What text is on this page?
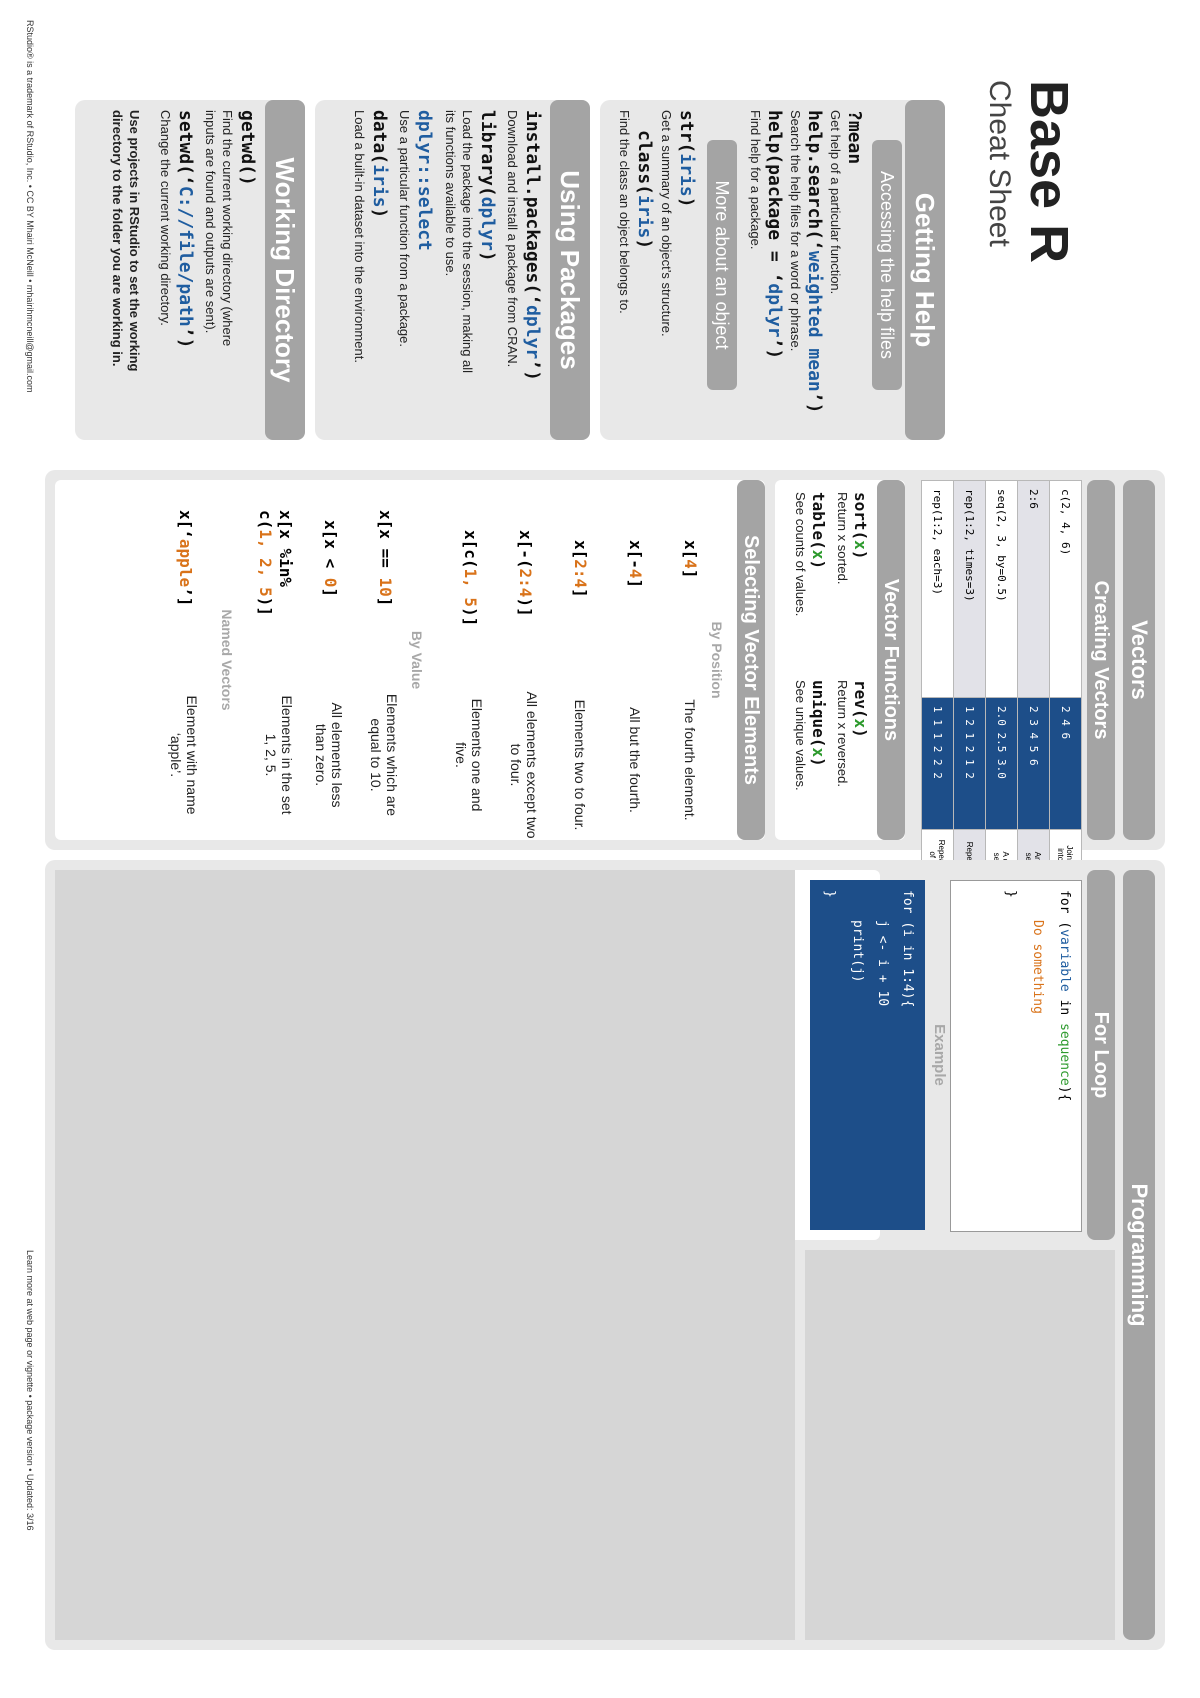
Base R
Cheat Sheet
Getting Help
Accessing the help files
?mean
Get help of a particular function.
help.search(‘weighted mean’)
Search the help files for a word or phrase.
help(package = ‘dplyr’)
Find help for a package.
More about an object
str(iris)
Get a summary of an object’s structure.
class(iris)
Find the class an object belongs to.
Using Packages
install.packages(‘dplyr’)
Download and install a package from CRAN.
library(dplyr)
Load the package into the session, making all
its functions available to use.
dplyr::select
Use a particular function from a package.
data(iris)
Load a built-in dataset into the environment.
Working Directory
getwd()
Find the current working directory (where
inputs are found and outputs are sent).
setwd(‘C://file/path’)
Change the current working directory.
Use projects in RStudio to set the working
directory to the folder you are working in.
Vectors
Creating Vectors
c(2, 4, 6)	2 4 6	
2:6	2 3 4 5 6	
seq(2, 3, by=0.5)	2.0 2.5 3.0	
rep(1:2, times=3)	1 2 1 2 1 2	
rep(1:2, each=3)	1 1 1 2 2 2	
Vector Functions
sort(x)
Return x sorted.
rev(x)
Return x reversed.
table(x)
See counts of values.
unique(x)
See unique values.
Selecting Vector Elements
By Position
x[4]
The fourth element.
x[-4]
All but the fourth.
x[2:4]
Elements two to four.
x[-(2:4)]
All elements except two to four.
x[c(1, 5)]
Elements one and five.
By Value
x[x == 10]
Elements which are equal to 10.
x[x < 0]
All elements less than zero.
x[x %in%
c(1, 2, 5)]
Elements in the set 1, 2, 5.
Named Vectors
x[‘apple’]
Element with name ‘apple’.
Programming
For Loop
for (variable in sequence){
Do something
}
Example
for (i in 1:4){
j <- i + 10
print(j)
}
RStudio® is a trademark of RStudio, Inc. • CC BY Mhairi McNeill • mhairihmcneill@gmail.com
Learn more at web page or vignette • package version • Updated: 3/16
